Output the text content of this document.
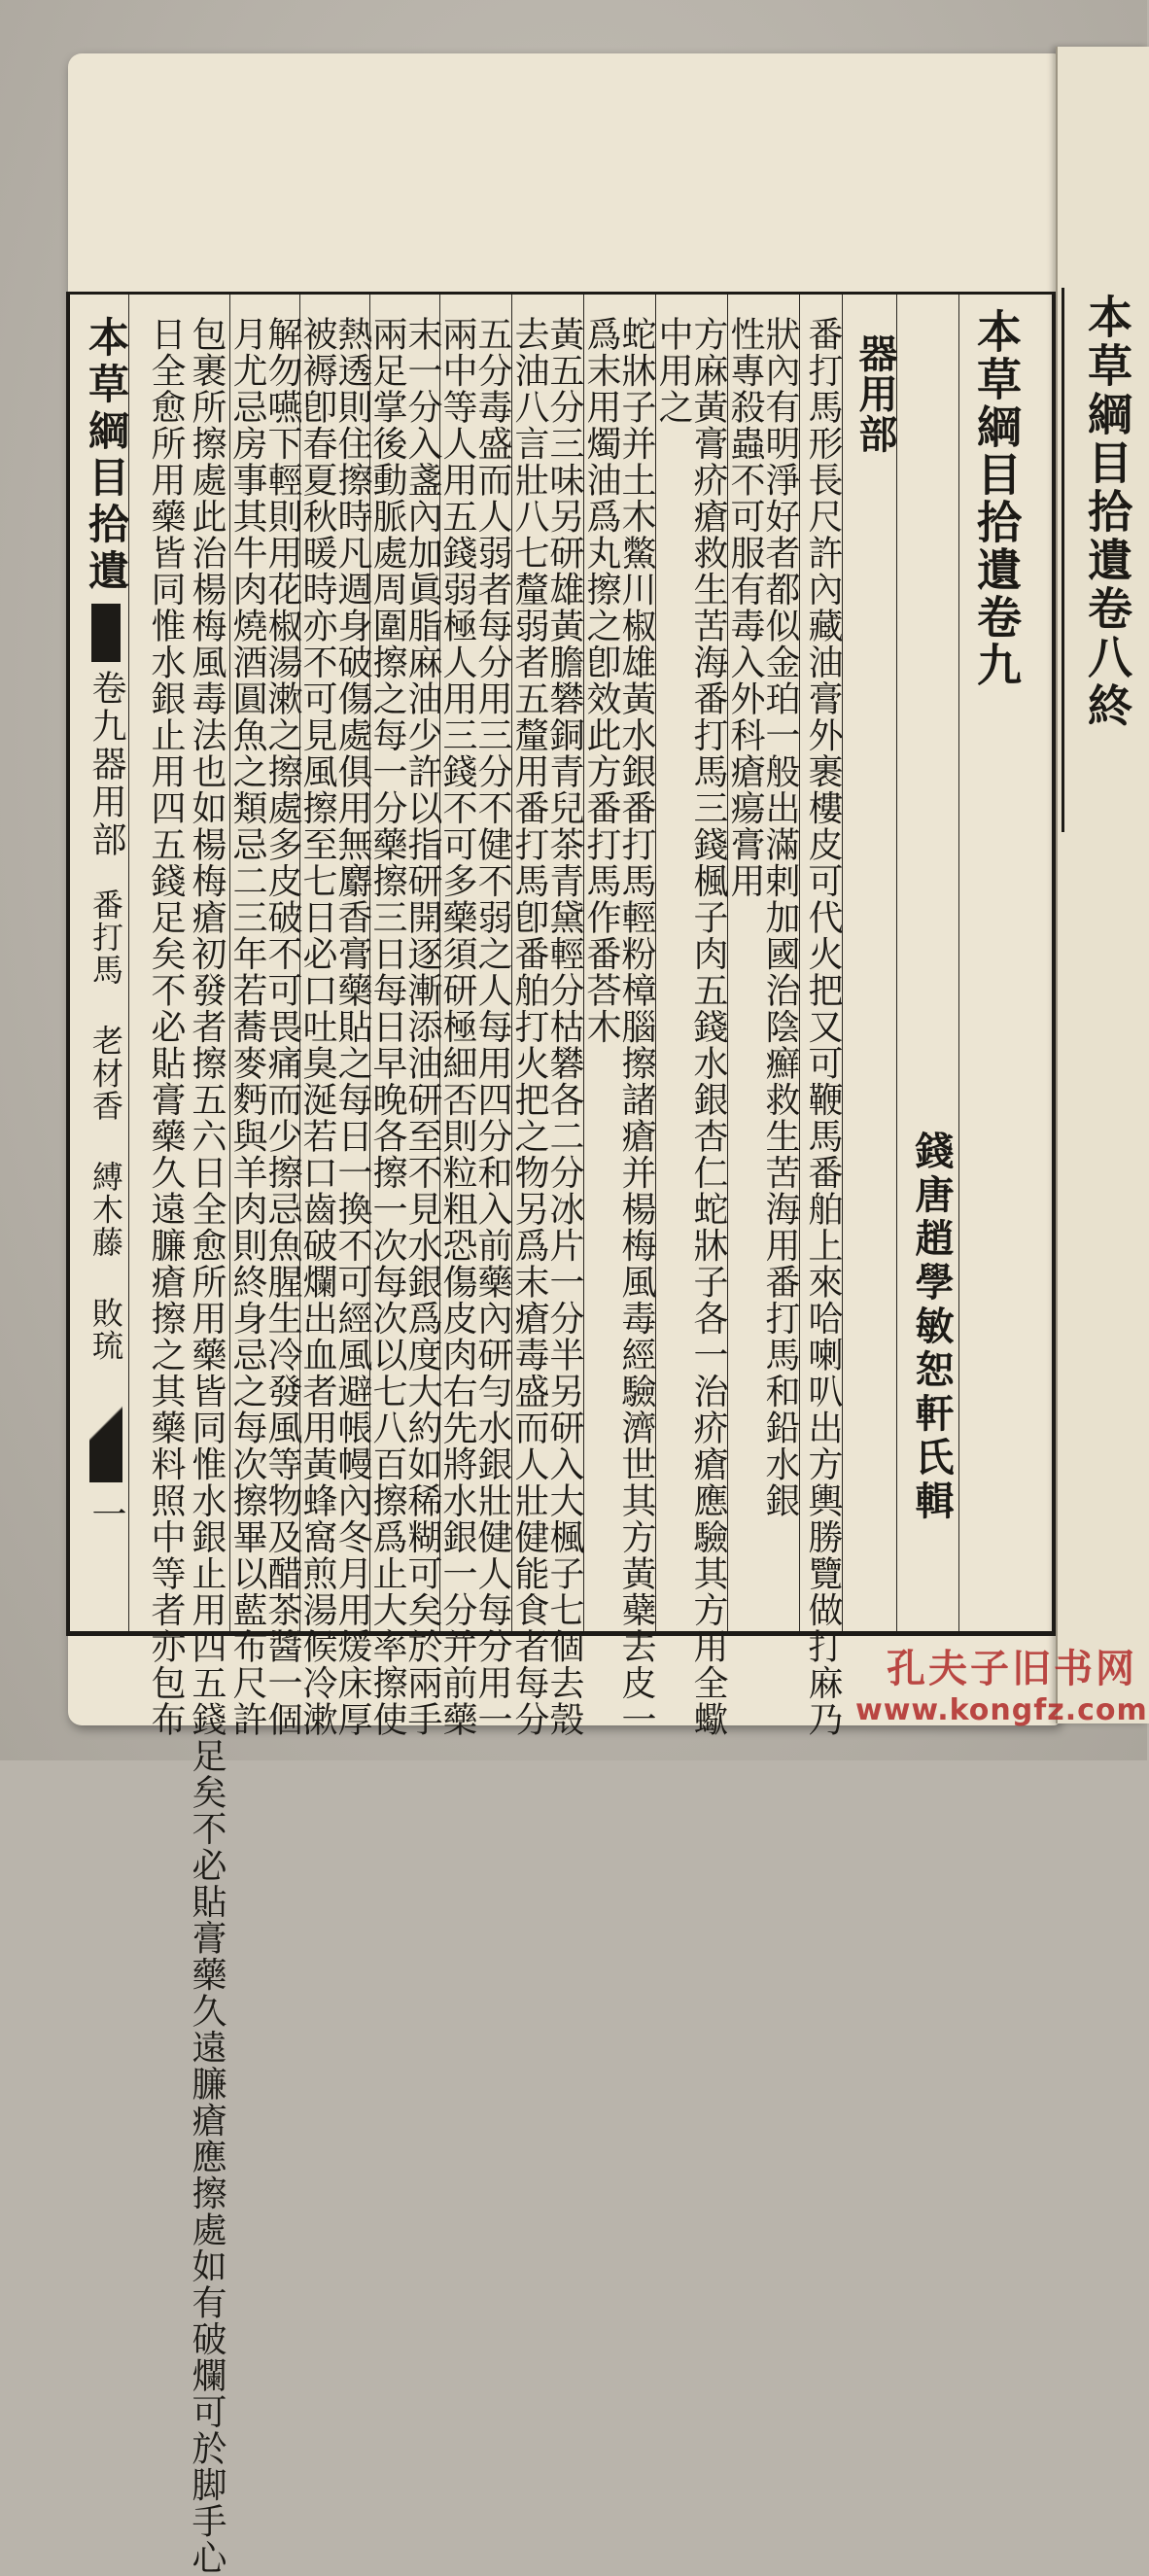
本草綱目拾遺卷八終
本草綱目拾遺卷九器用部番打馬 老材香 縛木藤 敗琉一 日全愈所用藥皆同惟水銀止用四五錢足矣不必貼膏藥久遠臁瘡擦之其藥料照中等者亦包布 包裹所擦處此治楊梅風毒法也如楊梅瘡初發者擦五六日全愈所用藥皆同惟水銀止用四五錢足矣不必貼膏藥久遠臁瘡應擦處如有破爛可於脚手心 月尤忌房事其牛肉燒酒圓魚之類忌二三年若蕎麥麪與羊肉則終身忌之每次擦畢以藍布尺許
解勿嚥下輕則用花椒湯漱之擦處多皮破不可畏痛而少擦忌魚腥生冷發風等物及醋茶醬一個
被褥卽春夏秋暖時亦不可見風擦至七日必口吐臭涎若口齒破爛出血者用黃蜂窩煎湯候冷漱
熱透則住擦時凡週身破傷處俱用無麝香膏藥貼之每日一換不可經風避帳幔內冬月用煖床厚
兩足掌後動脈處周圍擦之每一分藥擦三日每日早晚各擦一次每次以七八百擦爲止大率擦使
末一分入盞內加眞脂麻油少許以指研開逐漸添油研至不見水銀爲度大約如稀糊可矣於兩手
兩中等人用五錢弱極人用三錢不可多藥須研極細否則粒粗恐傷皮肉右先將水銀一分并前藥
五分毒盛而人弱者每分用三分不健不弱之人每用四分和入前藥內研勻水銀壯健人每分用一
去油八言壯八七釐弱者五釐用番打馬卽番舶打火把之物另爲末瘡毒盛而人壯健能食者每分
黃五分三味另研雄黃膽礬銅青兒茶青黛輕分枯礬各二分冰片一分半另研入大楓子七個去殼
爲末用燭油爲丸擦之卽效此方番打馬作番荅木
蛇牀子并土木鱉川椒雄黃水銀番打馬輕粉樟腦擦諸瘡并楊梅風毒經驗濟世其方黃蘗去皮一
中用之
方麻黃膏疥瘡救生苦海番打馬三錢楓子肉五錢水銀杏仁蛇牀子各一治疥瘡應驗其方用全蠍
性專殺蟲不可服有毒入外科瘡瘍膏用
狀內有明淨好者都似金珀一般出滿剌加國治陰癬救生苦海用番打馬和鉛水銀 番打馬形長尺許內藏油膏外裹樓皮可代火把又可鞭馬番舶上來哈喇叭出方輿勝覽做打麻乃 器用部
錢唐趙學敏恕軒氏輯
本草綱目拾遺卷九
孔夫子旧书网
www.kongfz.com
